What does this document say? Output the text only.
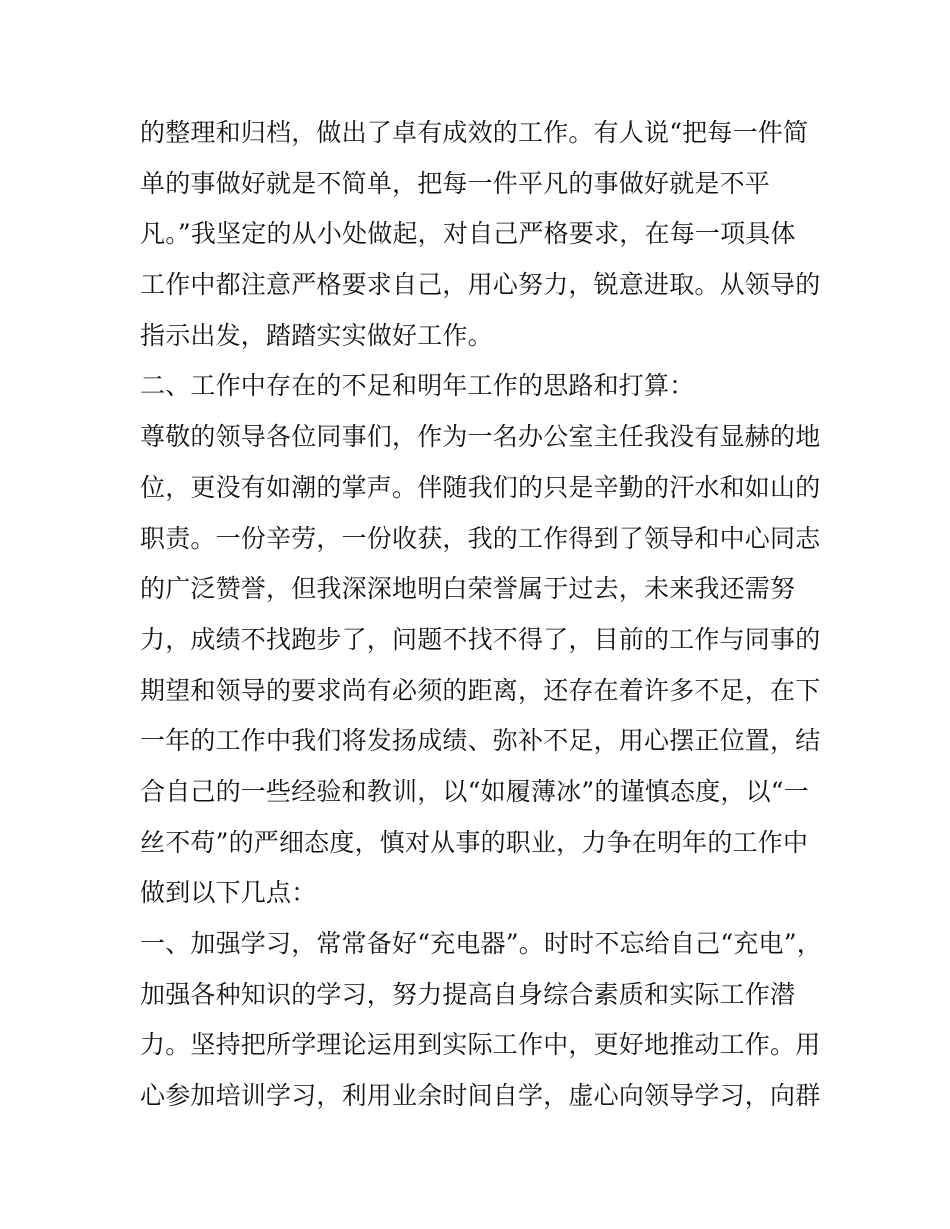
的整理和归档，做出了卓有成效的工作。有人说“把每一件简
单的事做好就是不简单，把每一件平凡的事做好就是不平
凡。”我坚定的从小处做起，对自己严格要求，在每一项具体
工作中都注意严格要求自己，用心努力，锐意进取。从领导的
指示出发，踏踏实实做好工作。
二、工作中存在的不足和明年工作的思路和打算：
尊敬的领导各位同事们，作为一名办公室主任我没有显赫的地
位，更没有如潮的掌声。伴随我们的只是辛勤的汗水和如山的
职责。一份辛劳，一份收获，我的工作得到了领导和中心同志
的广泛赞誉，但我深深地明白荣誉属于过去，未来我还需努
力，成绩不找跑步了，问题不找不得了，目前的工作与同事的
期望和领导的要求尚有必须的距离，还存在着许多不足，在下
一年的工作中我们将发扬成绩、弥补不足，用心摆正位置，结
合自己的一些经验和教训，以“如履薄冰”的谨慎态度，以“一
丝不苟”的严细态度，慎对从事的职业，力争在明年的工作中
做到以下几点：
一、加强学习，常常备好“充电器”。时时不忘给自己“充电”，
加强各种知识的学习，努力提高自身综合素质和实际工作潜
力。坚持把所学理论运用到实际工作中，更好地推动工作。用
心参加培训学习，利用业余时间自学，虚心向领导学习，向群
